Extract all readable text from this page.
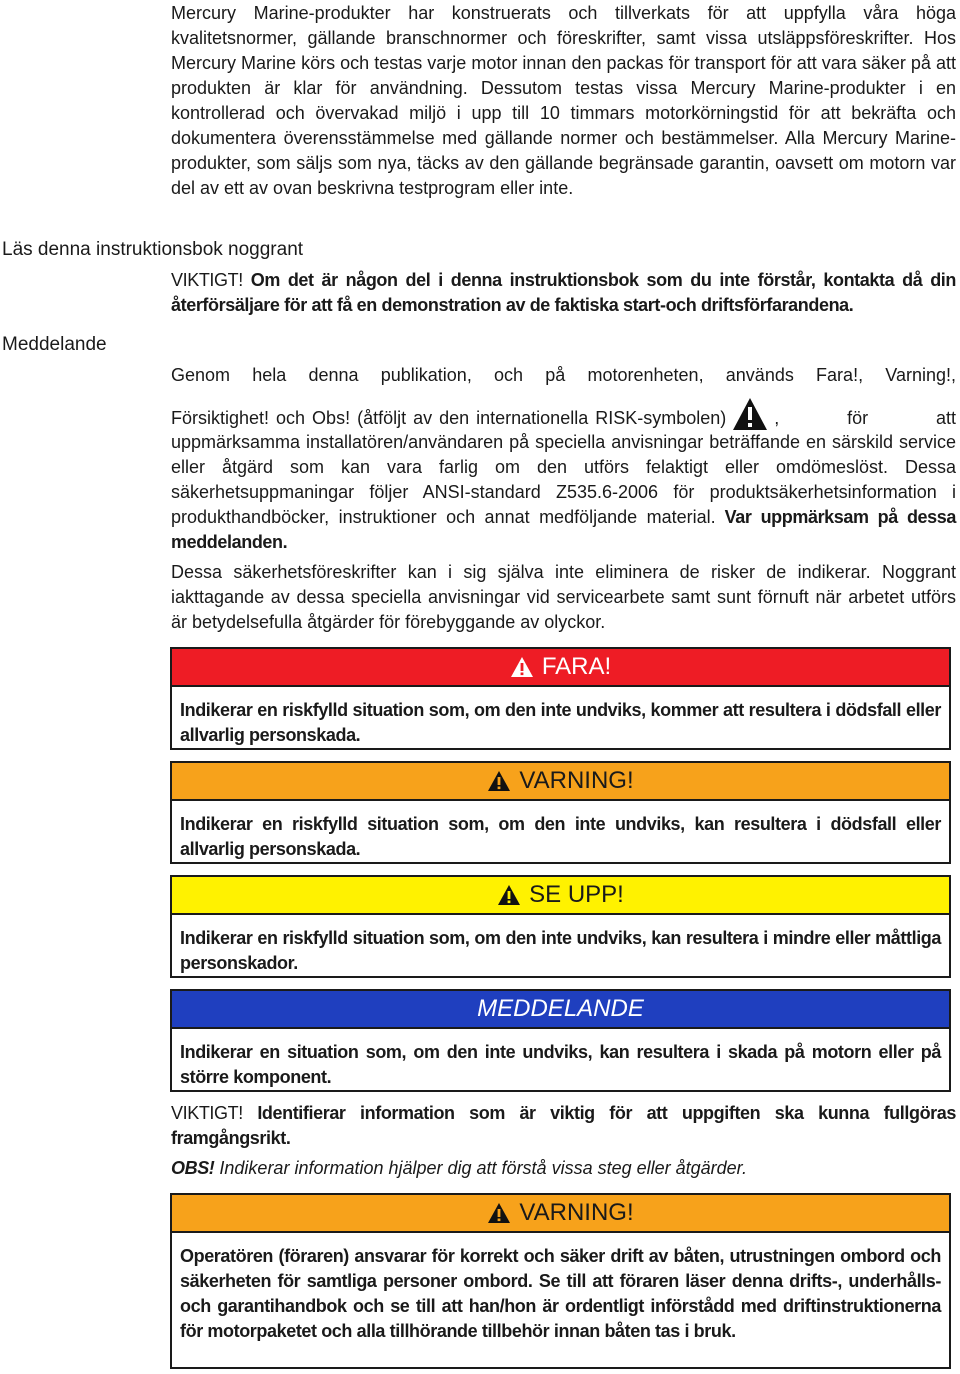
Mercury Marine-produkter har konstruerats och tillverkats för att uppfylla våra höga kvalitetsnormer, gällande branschnormer och föreskrifter, samt vissa utsläppsföreskrifter. Hos Mercury Marine körs och testas varje motor innan den packas för transport för att vara säker på att produkten är klar för användning. Dessutom testas vissa Mercury Marine-produkter i en kontrollerad och övervakad miljö i upp till 10 timmars motorkörningstid för att bekräfta och dokumentera överensstämmelse med gällande normer och bestämmelser. Alla Mercury Marine-produkter, som säljs som nya, täcks av den gällande begränsade garantin, oavsett om motorn var del av ett av ovan beskrivna testprogram eller inte.

Läs denna instruktionsbok noggrant
Meddelande

VIKTIGT! Om det är någon del i denna instruktionsbok som du inte förstår, kontakta då din återförsäljare för att få en demonstration av de faktiska start-och driftsförfarandena.

Genom hela denna publikation, och på motorenheten, används Fara!, Varning!,

Försiktighet! och Obs! (åtföljt av den internationella RISK-symbolen)	, för att

uppmärksamma installatören/användaren på speciella anvisningar beträffande en särskild service eller åtgärd som kan vara farlig om den utförs felaktigt eller omdömeslöst. Dessa säkerhetsuppmaningar följer ANSI-standard Z535.6-2006 för produktsäkerhetsinformation i produkthandböcker, instruktioner och annat medföljande material. Var uppmärksam på dessa meddelanden.

Dessa säkerhetsföreskrifter kan i sig själva inte eliminera de risker de indikerar. Noggrant iakttagande av dessa speciella anvisningar vid servicearbete samt sunt förnuft när arbetet utförs är betydelsefulla åtgärder för förebyggande av olyckor.

FARA!
Indikerar en riskfylld situation som, om den inte undviks, kommer att resultera i dödsfall eller allvarlig personskada.
VARNING!
Indikerar en riskfylld situation som, om den inte undviks, kan resultera i dödsfall eller allvarlig personskada.
SE UPP!
Indikerar en riskfylld situation som, om den inte undviks, kan resultera i mindre eller måttliga personskador.
MEDDELANDE
Indikerar en situation som, om den inte undviks, kan resultera i skada på motorn eller på större komponent.

VIKTIGT! Identifierar information som är viktig för att uppgiften ska kunna fullgöras framgångsrikt.

OBS! Indikerar information hjälper dig att förstå vissa steg eller åtgärder.

VARNING!
Operatören (föraren) ansvarar för korrekt och säker drift av båten, utrustningen ombord och säkerheten för samtliga personer ombord. Se till att föraren läser denna drifts-, underhålls- och garantihandbok och se till att han/hon är ordentligt införstådd med driftinstruktionerna för motorpaketet och alla tillhörande tillbehör innan båten tas i bruk.
